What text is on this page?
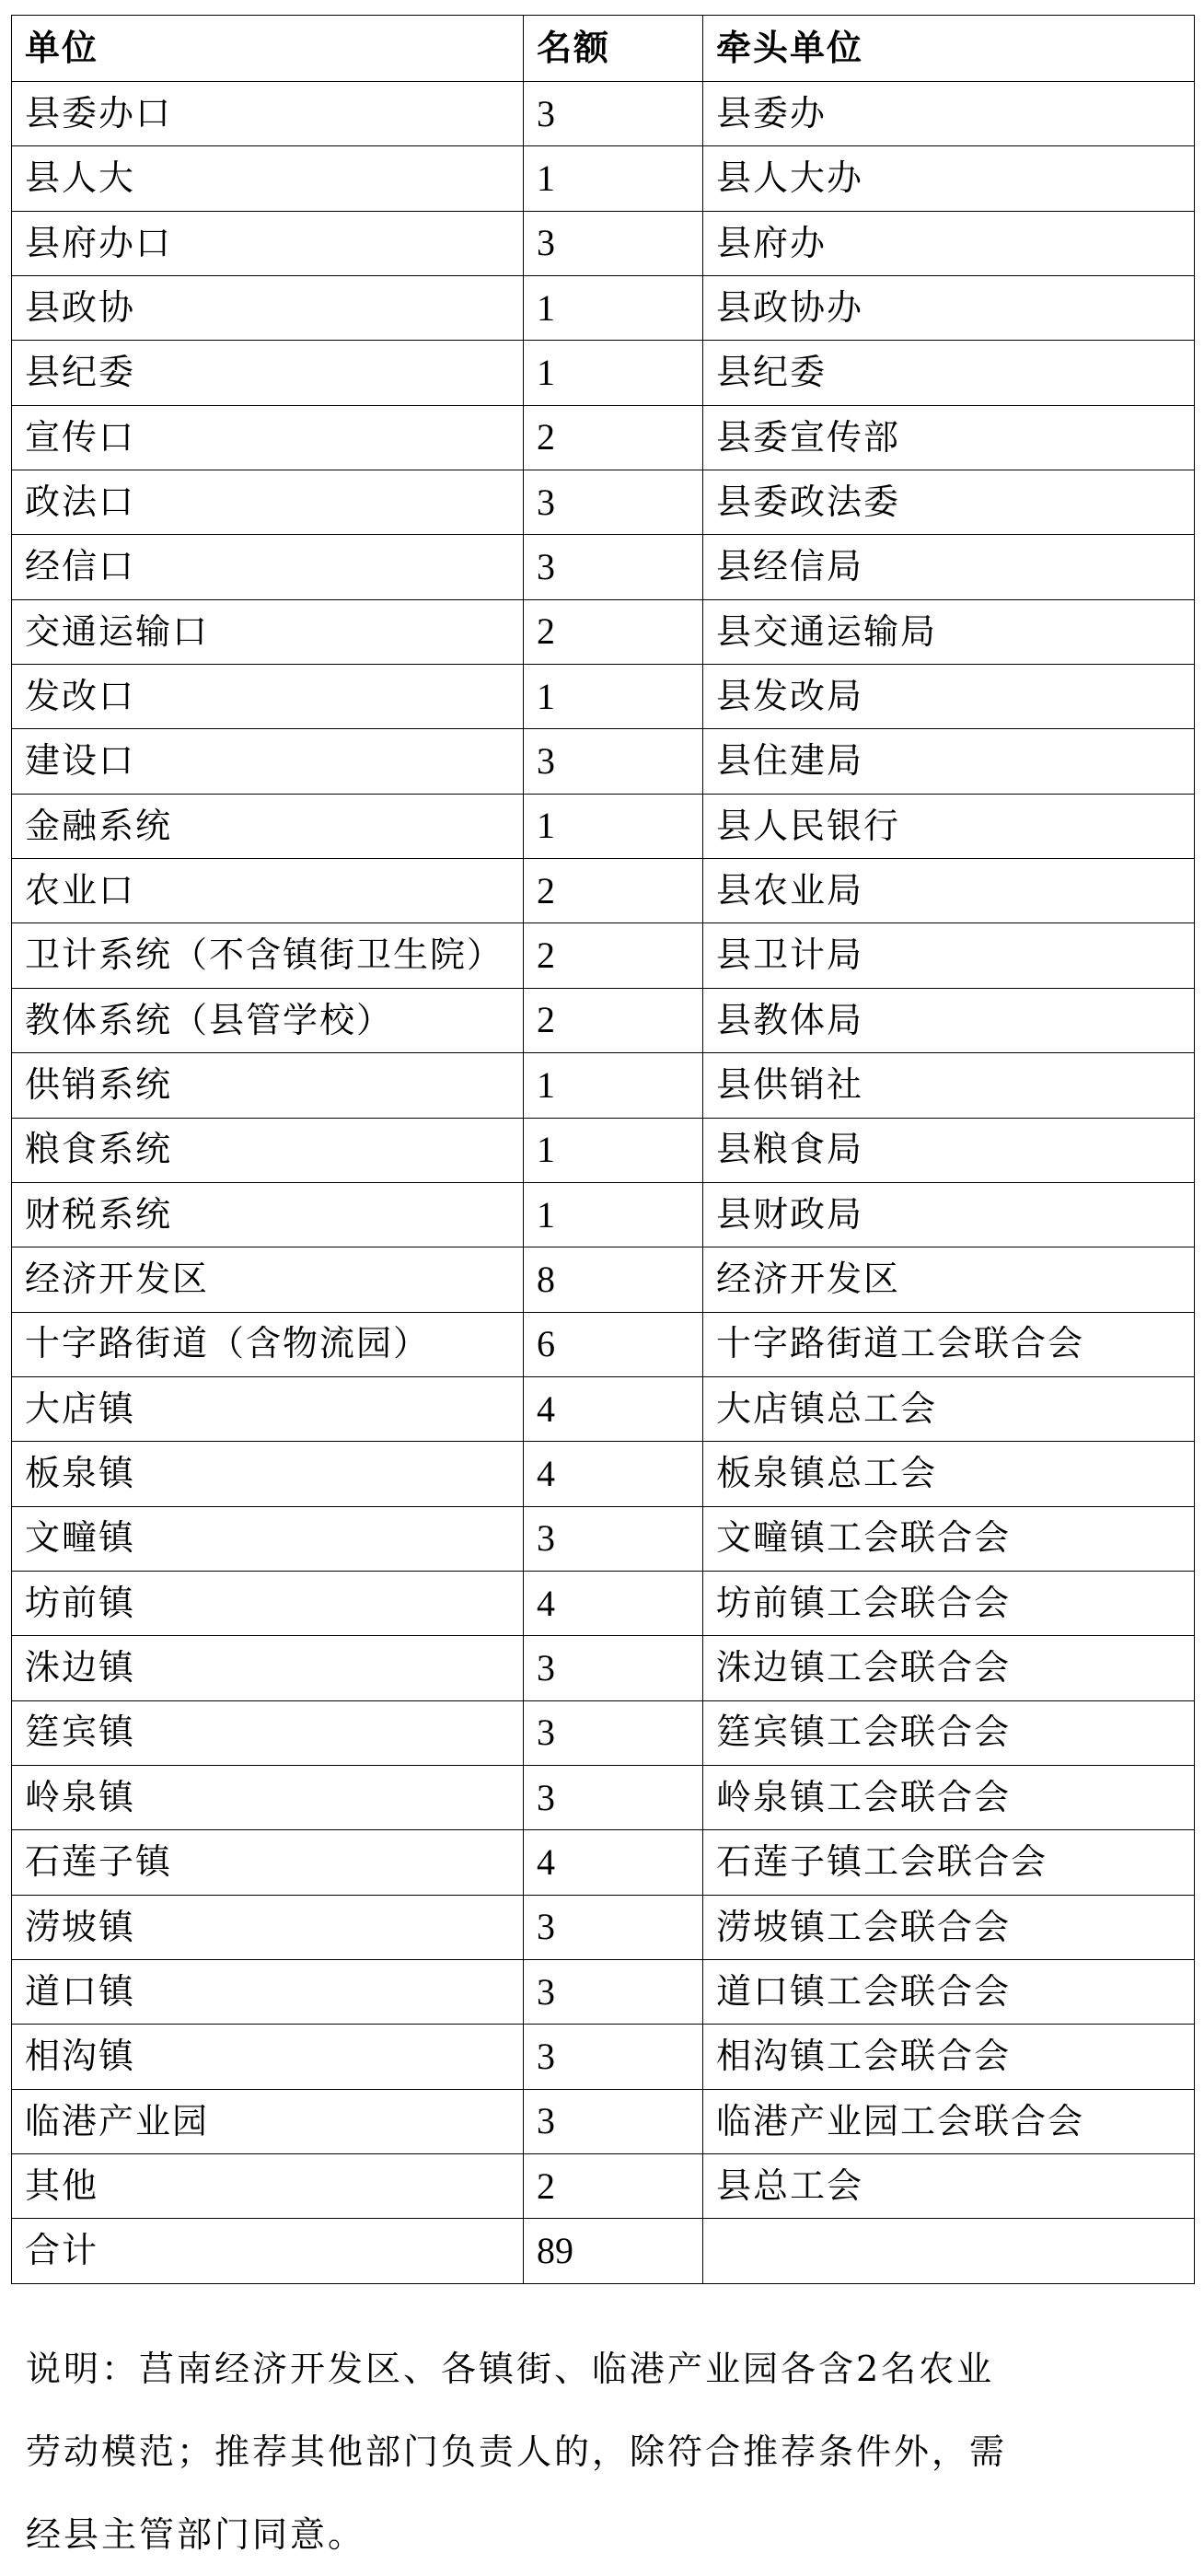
单位	名额	牵头单位
县委办口	3	县委办
县人大	1	县人大办
县府办口	3	县府办
县政协	1	县政协办
县纪委	1	县纪委
宣传口	2	县委宣传部
政法口	3	县委政法委
经信口	3	县经信局
交通运输口	2	县交通运输局
发改口	1	县发改局
建设口	3	县住建局
金融系统	1	县人民银行
农业口	2	县农业局
卫计系统（不含镇街卫生院）	2	县卫计局
教体系统（县管学校）	2	县教体局
供销系统	1	县供销社
粮食系统	1	县粮食局
财税系统	1	县财政局
经济开发区	8	经济开发区
十字路街道（含物流园）	6	十字路街道工会联合会
大店镇	4	大店镇总工会
板泉镇	4	板泉镇总工会
文疃镇	3	文疃镇工会联合会
坊前镇	4	坊前镇工会联合会
洙边镇	3	洙边镇工会联合会
筳宾镇	3	筳宾镇工会联合会
岭泉镇	3	岭泉镇工会联合会
石莲子镇	4	石莲子镇工会联合会
涝坡镇	3	涝坡镇工会联合会
道口镇	3	道口镇工会联合会
相沟镇	3	相沟镇工会联合会
临港产业园	3	临港产业园工会联合会
其他	2	县总工会
合计	89	
说明：莒南经济开发区、各镇街、临港产业园各含2名农业
劳动模范；推荐其他部门负责人的，除符合推荐条件外，需
经县主管部门同意。
